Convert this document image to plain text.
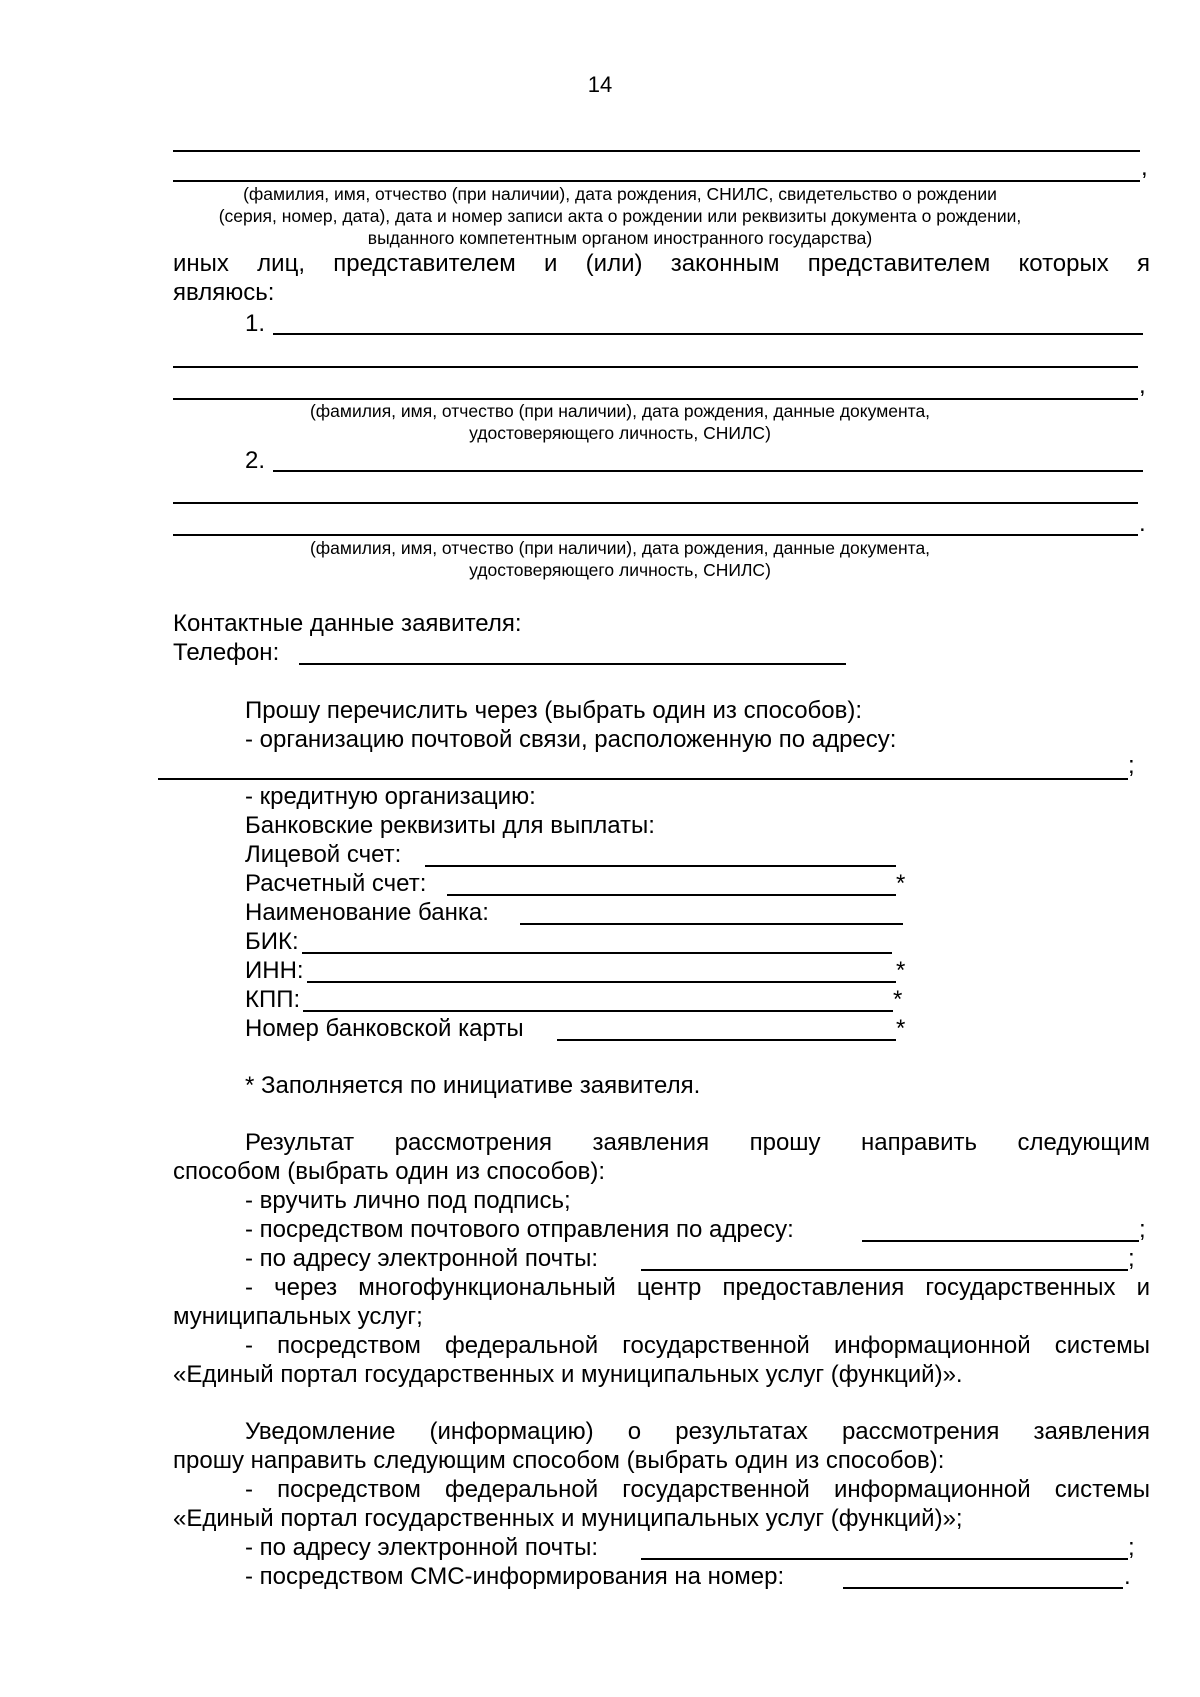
14
,
(фамилия, имя, отчество (при наличии), дата рождения, СНИЛС, свидетельство о рождении
(серия, номер, дата), дата и номер записи акта о рождении или реквизиты документа о рождении,
выданного компетентным органом иностранного государства)
иных лиц, представителем и (или) законным представителем которых я
являюсь:
1.
,
(фамилия, имя, отчество (при наличии), дата рождения, данные документа,
удостоверяющего личность, СНИЛС)
2.
.
(фамилия, имя, отчество (при наличии), дата рождения, данные документа,
удостоверяющего личность, СНИЛС)
Контактные данные заявителя:
Телефон:
Прошу перечислить через (выбрать один из способов):
- организацию почтовой связи, расположенную по адресу:
;
- кредитную организацию:
Банковские реквизиты для выплаты:
Лицевой счет:
Расчетный счет:	*
Наименование банка:
БИК:
ИНН:	*
КПП:	*
Номер банковской карты	*
* Заполняется по инициативе заявителя.
Результат рассмотрения заявления прошу направить следующим
способом (выбрать один из способов):
- вручить лично под подпись;
- посредством почтового отправления по адресу:	;
- по адресу электронной почты:	;
- через многофункциональный центр предоставления государственных и
муниципальных услуг;
- посредством федеральной государственной информационной системы
«Единый портал государственных и муниципальных услуг (функций)».
Уведомление (информацию) о результатах рассмотрения заявления
прошу направить следующим способом (выбрать один из способов):
- посредством федеральной государственной информационной системы
«Единый портал государственных и муниципальных услуг (функций)»;
- по адресу электронной почты:	;
- посредством СМС-информирования на номер:	.
